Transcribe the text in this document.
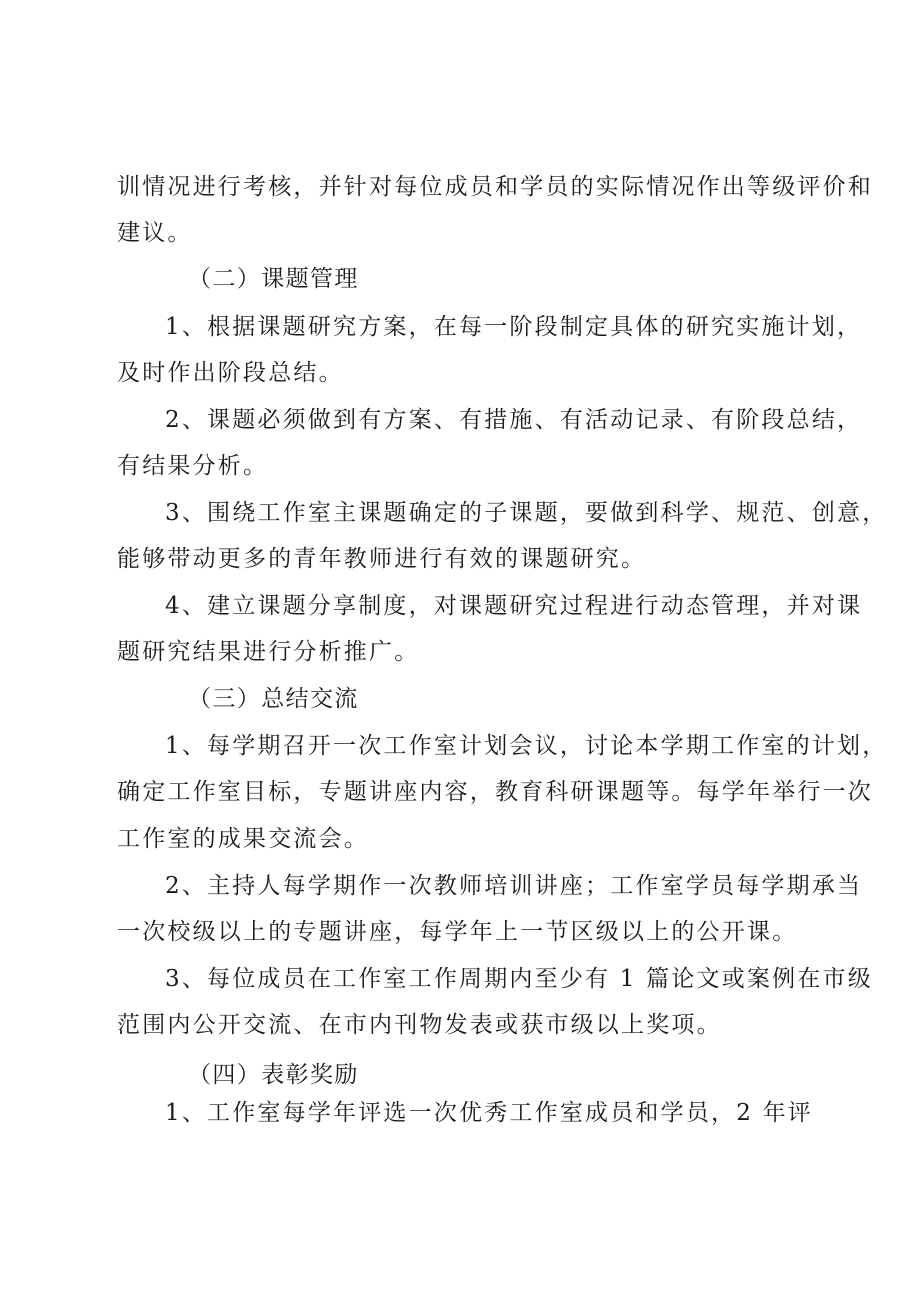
训情况进行考核，并针对每位成员和学员的实际情况作出等级评价和

建议。

（二）课题管理

1、根据课题研究方案，在每一阶段制定具体的研究实施计划，

及时作出阶段总结。

2、课题必须做到有方案、有措施、有活动记录、有阶段总结，

有结果分析。

3、围绕工作室主课题确定的子课题，要做到科学、规范、创意，

能够带动更多的青年教师进行有效的课题研究。

4、建立课题分享制度，对课题研究过程进行动态管理，并对课

题研究结果进行分析推广。

（三）总结交流

1、每学期召开一次工作室计划会议，讨论本学期工作室的计划，

确定工作室目标，专题讲座内容，教育科研课题等。每学年举行一次

工作室的成果交流会。

2、主持人每学期作一次教师培训讲座；工作室学员每学期承当

一次校级以上的专题讲座，每学年上一节区级以上的公开课。

3、每位成员在工作室工作周期内至少有 1 篇论文或案例在市级

范围内公开交流、在市内刊物发表或获市级以上奖项。

（四）表彰奖励

1、工作室每学年评选一次优秀工作室成员和学员，2 年评
